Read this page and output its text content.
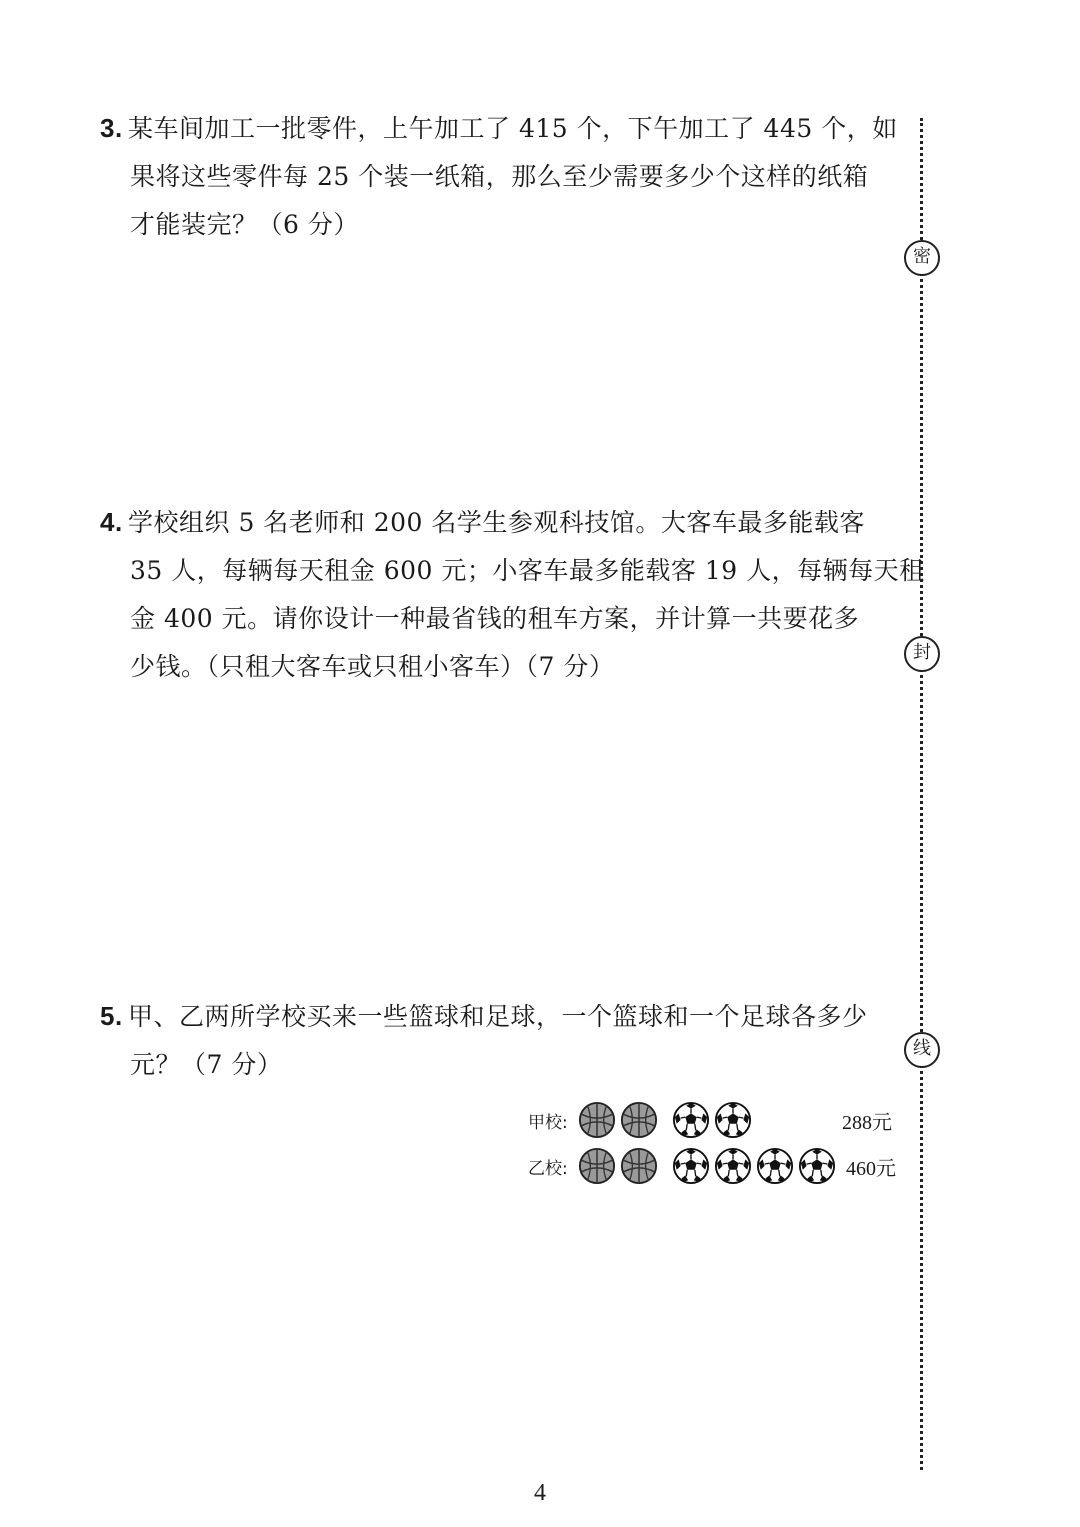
3. 某车间加工一批零件，上午加工了 415 个，下午加工了 445 个，如
果将这些零件每 25 个装一纸箱，那么至少需要多少个这样的纸箱
才能装完？（6 分）
4. 学校组织 5 名老师和 200 名学生参观科技馆。大客车最多能载客
35 人，每辆每天租金 600 元；小客车最多能载客 19 人，每辆每天租
金 400 元。请你设计一种最省钱的租车方案，并计算一共要花多
少钱。（只租大客车或只租小客车）（7 分）
5. 甲、乙两所学校买来一些篮球和足球，一个篮球和一个足球各多少
元？（7 分）
甲校:	288元
乙校:	460元
密
封
线
4
